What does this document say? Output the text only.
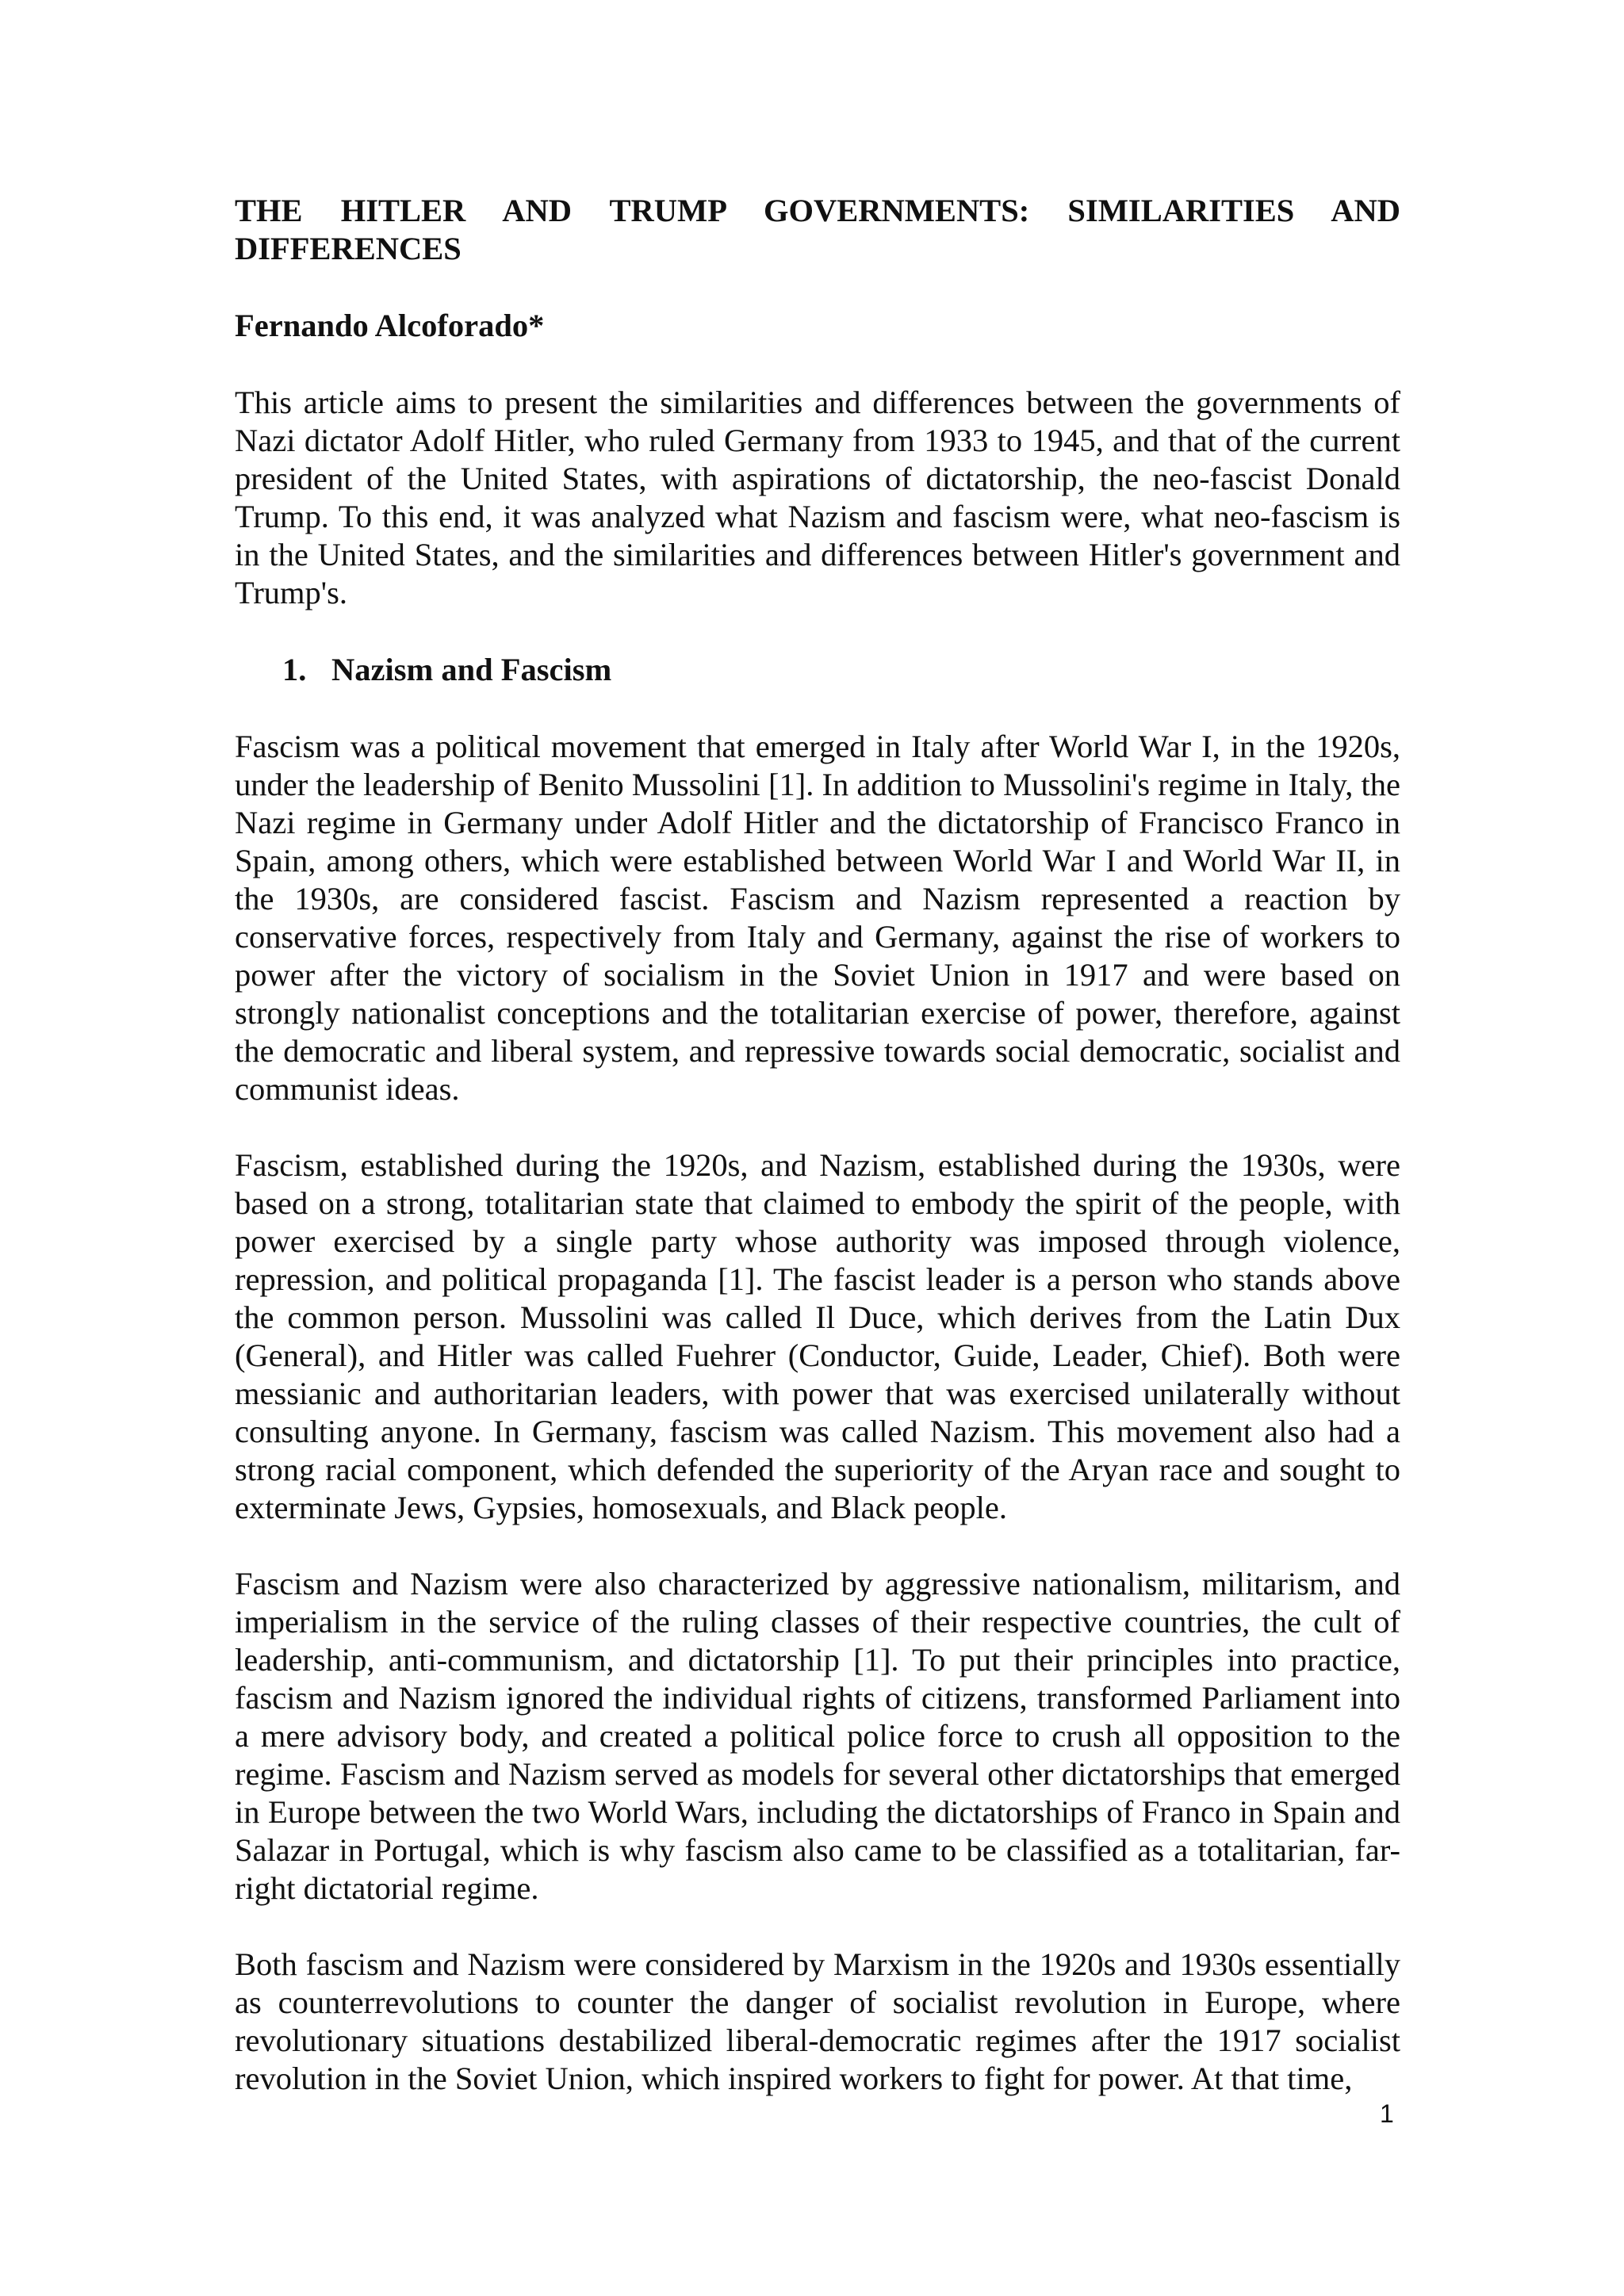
THE HITLER AND TRUMP GOVERNMENTS: SIMILARITIES AND DIFFERENCES
Fernando Alcoforado*

This article aims to present the similarities and differences between the governments of Nazi dictator Adolf Hitler, who ruled Germany from 1933 to 1945, and that of the current president of the United States, with aspirations of dictatorship, the neo-fascist Donald Trump. To this end, it was analyzed what Nazism and fascism were, what neo-fascism is in the United States, and the similarities and differences between Hitler's government and Trump's.

1. Nazism and Fascism

Fascism was a political movement that emerged in Italy after World War I, in the 1920s, under the leadership of Benito Mussolini [1]. In addition to Mussolini's regime in Italy, the Nazi regime in Germany under Adolf Hitler and the dictatorship of Francisco Franco in Spain, among others, which were established between World War I and World War II, in the 1930s, are considered fascist. Fascism and Nazism represented a reaction by conservative forces, respectively from Italy and Germany, against the rise of workers to power after the victory of socialism in the Soviet Union in 1917 and were based on strongly nationalist conceptions and the totalitarian exercise of power, therefore, against the democratic and liberal system, and repressive towards social democratic, socialist and communist ideas.

Fascism, established during the 1920s, and Nazism, established during the 1930s, were based on a strong, totalitarian state that claimed to embody the spirit of the people, with power exercised by a single party whose authority was imposed through violence, repression, and political propaganda [1]. The fascist leader is a person who stands above the common person. Mussolini was called Il Duce, which derives from the Latin Dux (General), and Hitler was called Fuehrer (Conductor, Guide, Leader, Chief). Both were messianic and authoritarian leaders, with power that was exercised unilaterally without consulting anyone. In Germany, fascism was called Nazism. This movement also had a strong racial component, which defended the superiority of the Aryan race and sought to exterminate Jews, Gypsies, homosexuals, and Black people.

Fascism and Nazism were also characterized by aggressive nationalism, militarism, and imperialism in the service of the ruling classes of their respective countries, the cult of leadership, anti-communism, and dictatorship [1]. To put their principles into practice, fascism and Nazism ignored the individual rights of citizens, transformed Parliament into a mere advisory body, and created a political police force to crush all opposition to the regime. Fascism and Nazism served as models for several other dictatorships that emerged in Europe between the two World Wars, including the dictatorships of Franco in Spain and Salazar in Portugal, which is why fascism also came to be classified as a totalitarian, far-right dictatorial regime.

Both fascism and Nazism were considered by Marxism in the 1920s and 1930s essentially as counterrevolutions to counter the danger of socialist revolution in Europe, where revolutionary situations destabilized liberal-democratic regimes after the 1917 socialist revolution in the Soviet Union, which inspired workers to fight for power. At that time,

1
